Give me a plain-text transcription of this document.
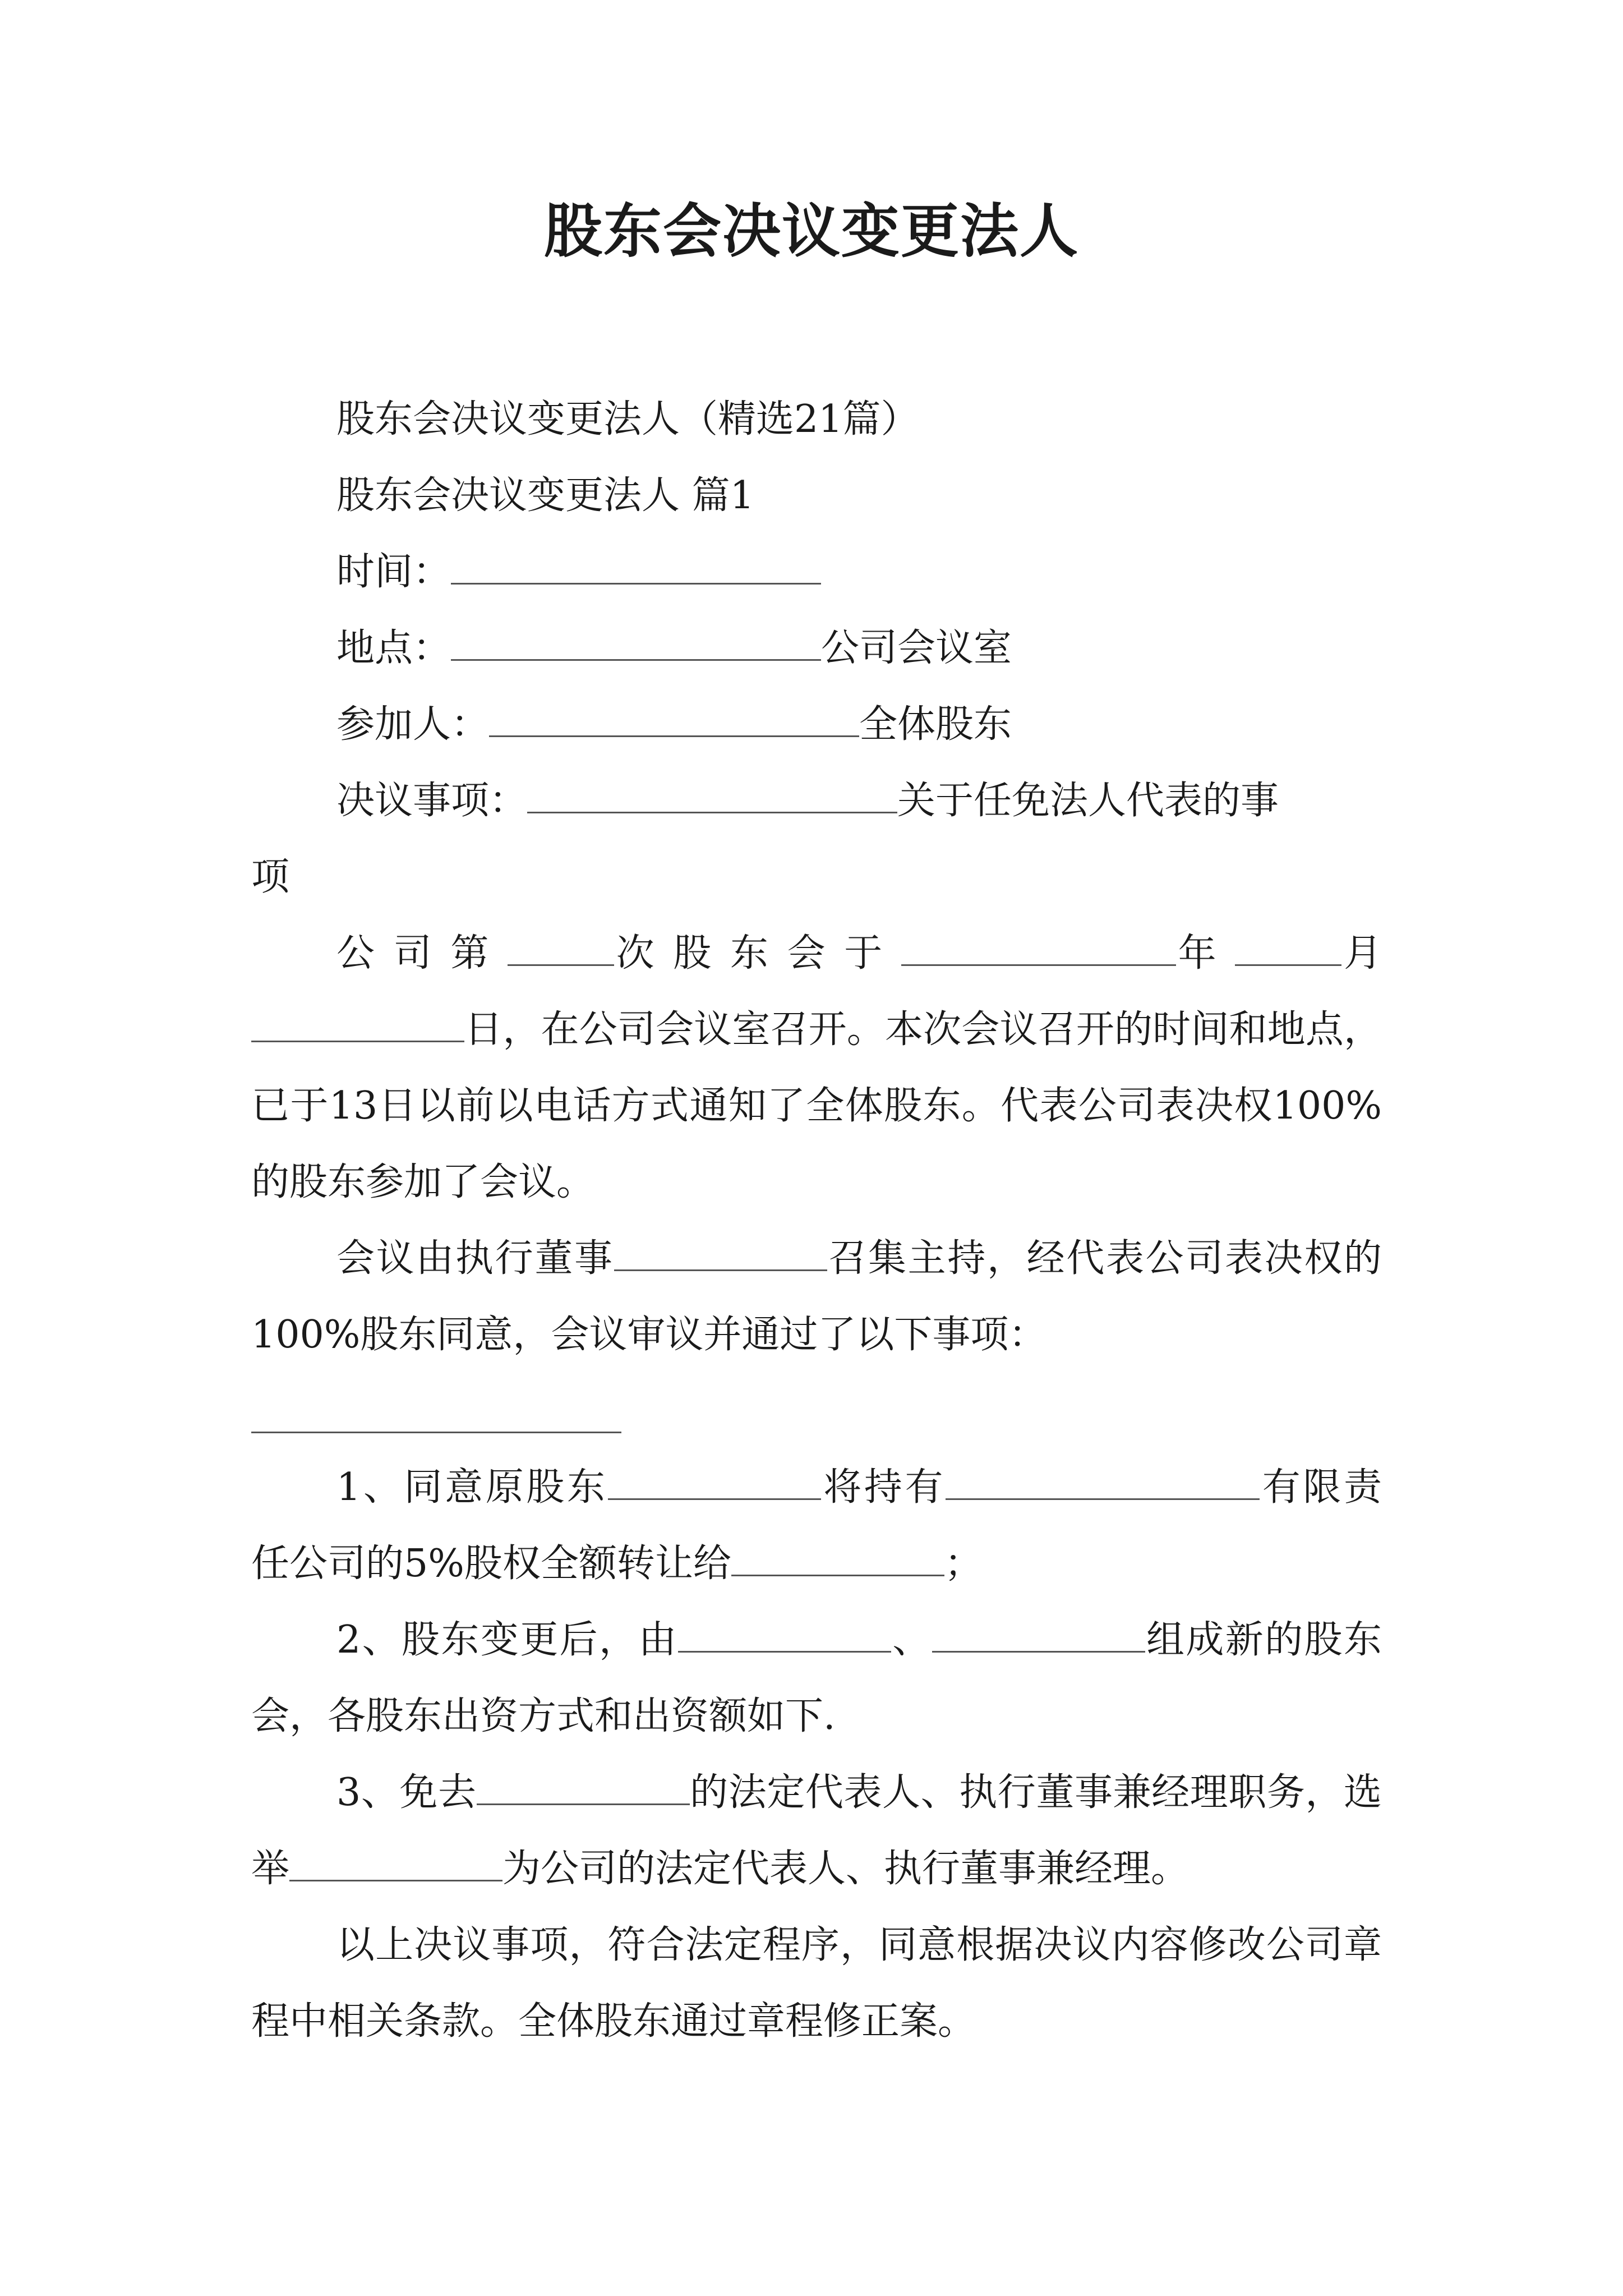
股东会决议变更法人
股东会决议变更法人（精选21篇）
股东会决议变更法人 篇1
时间：
地点：	公司会议室
参加人：	全体股东
决议事项：	关于任免法人代表的事
项
公司第	次股东会于	年	月日，在公司会议室召开。本次会议召开的时间和地点，已于13日以前以电话方式通知了全体股东。代表公司表决权100%的股东参加了会议。
会议由执行董事	召集主持，经代表公司表决权的100%股东同意，会议审议并通过了以下事项：
1、同意原股东	将持有	有限责任公司的5%股权全额转让给	；
2、股东变更后，由	、	组成新的股东会，各股东出资方式和出资额如下.
3、免去	的法定代表人、执行董事兼经理职务，选举	为公司的法定代表人、执行董事兼经理。
以上决议事项，符合法定程序，同意根据决议内容修改公司章程中相关条款。全体股东通过章程修正案。
